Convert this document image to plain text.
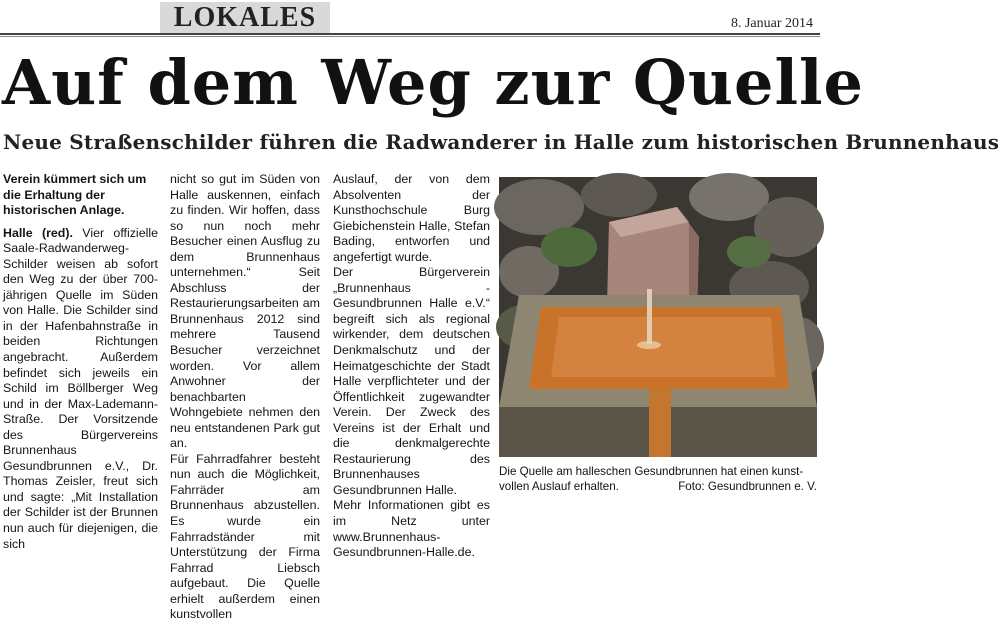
LOKALES	8. Januar 2014
Auf dem Weg zur Quelle
Neue Straßenschilder führen die Radwanderer in Halle zum historischen Brunnenhaus

Verein kümmert sich um die Erhaltung der historischen Anlage.

Halle (red). Vier offizielle Saale-Radwanderweg-Schilder weisen ab sofort den Weg zu der über 700-jährigen Quelle im Süden von Halle. Die Schilder sind in der Hafenbahnstraße in beiden Richtungen angebracht. Außerdem befindet sich jeweils ein Schild im Böllberger Weg und in der Max-Lademann-Straße. Der Vorsitzende des Bürgervereins Brunnenhaus Gesundbrunnen e.V., Dr. Thomas Zeisler, freut sich und sagte: „Mit Installation der Schilder ist der Brunnen nun auch für diejenigen, die sich

nicht so gut im Süden von Halle auskennen, einfach zu finden. Wir hoffen, dass so nun noch mehr Besucher einen Ausflug zu dem Brunnenhaus unternehmen.“ Seit Abschluss der Restaurierungsarbeiten am Brunnenhaus 2012 sind mehrere Tausend Besucher verzeichnet worden. Vor allem Anwohner der benachbarten Wohngebiete nehmen den neu entstandenen Park gut an.

Für Fahrradfahrer besteht nun auch die Möglichkeit, Fahrräder am Brunnenhaus abzustellen. Es wurde ein Fahrradständer mit Unterstützung der Firma Fahrrad Liebsch aufgebaut. Die Quelle erhielt außerdem einen kunstvollen

Auslauf, der von dem Absolventen der Kunsthochschule Burg Giebichenstein Halle, Stefan Bading, entworfen und angefertigt wurde.

Der Bürgerverein „Brunnenhaus - Gesundbrunnen Halle e.V.“ begreift sich als regional wirkender, dem deutschen Denkmalschutz und der Heimatgeschichte der Stadt Halle verpflichteter und der Öffentlichkeit zugewandter Verein. Der Zweck des Vereins ist der Erhalt und die denkmalgerechte Restaurierung des Brunnenhauses Gesundbrunnen Halle.

Mehr Informationen gibt es im Netz unter www.Brunnenhaus-Gesundbrunnen-Halle.de.

Die Quelle am halleschen Gesundbrunnen hat einen kunst-
vollen Auslauf erhalten.	Foto: Gesundbrunnen e. V.
